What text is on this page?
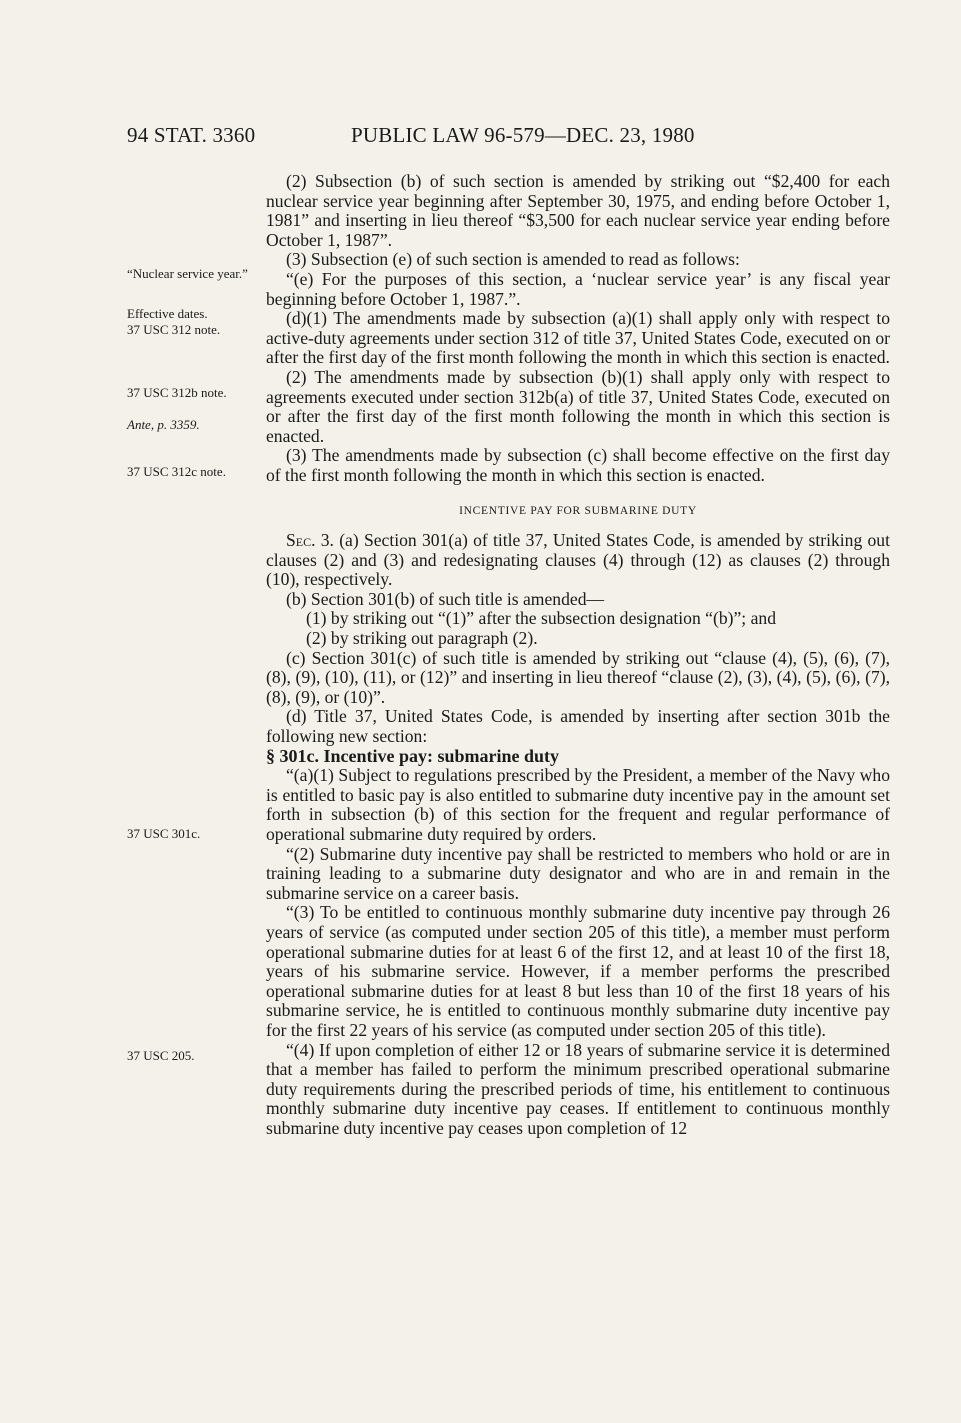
94 STAT. 3360	PUBLIC LAW 96-579—DEC. 23, 1980
“Nuclear service year.”
Effective dates.
37 USC 312 note.
37 USC 312b note.
Ante, p. 3359.
37 USC 312c note.
37 USC 301c.
37 USC 205.

(2) Subsection (b) of such section is amended by striking out “$2,400 for each nuclear service year beginning after September 30, 1975, and ending before October 1, 1981” and inserting in lieu thereof “$3,500 for each nuclear service year ending before October 1, 1987”.

(3) Subsection (e) of such section is amended to read as follows:

“(e) For the purposes of this section, a ‘nuclear service year’ is any fiscal year beginning before October 1, 1987.”.

(d)(1) The amendments made by subsection (a)(1) shall apply only with respect to active-duty agreements under section 312 of title 37, United States Code, executed on or after the first day of the first month following the month in which this section is enacted.

(2) The amendments made by subsection (b)(1) shall apply only with respect to agreements executed under section 312b(a) of title 37, United States Code, executed on or after the first day of the first month following the month in which this section is enacted.

(3) The amendments made by subsection (c) shall become effective on the first day of the first month following the month in which this section is enacted.

INCENTIVE PAY FOR SUBMARINE DUTY

Sec. 3. (a) Section 301(a) of title 37, United States Code, is amended by striking out clauses (2) and (3) and redesignating clauses (4) through (12) as clauses (2) through (10), respectively.

(b) Section 301(b) of such title is amended—

(1) by striking out “(1)” after the subsection designation “(b)”; and

(2) by striking out paragraph (2).

(c) Section 301(c) of such title is amended by striking out “clause (4), (5), (6), (7), (8), (9), (10), (11), or (12)” and inserting in lieu thereof “clause (2), (3), (4), (5), (6), (7), (8), (9), or (10)”.

(d) Title 37, United States Code, is amended by inserting after section 301b the following new section:

§ 301c. Incentive pay: submarine duty

“(a)(1) Subject to regulations prescribed by the President, a member of the Navy who is entitled to basic pay is also entitled to submarine duty incentive pay in the amount set forth in subsection (b) of this section for the frequent and regular performance of operational submarine duty required by orders.

“(2) Submarine duty incentive pay shall be restricted to members who hold or are in training leading to a submarine duty designator and who are in and remain in the submarine service on a career basis.

“(3) To be entitled to continuous monthly submarine duty incentive pay through 26 years of service (as computed under section 205 of this title), a member must perform operational submarine duties for at least 6 of the first 12, and at least 10 of the first 18, years of his submarine service. However, if a member performs the prescribed operational submarine duties for at least 8 but less than 10 of the first 18 years of his submarine service, he is entitled to continuous monthly submarine duty incentive pay for the first 22 years of his service (as computed under section 205 of this title).

“(4) If upon completion of either 12 or 18 years of submarine service it is determined that a member has failed to perform the minimum prescribed operational submarine duty requirements during the prescribed periods of time, his entitlement to continuous monthly submarine duty incentive pay ceases. If entitlement to continuous monthly submarine duty incentive pay ceases upon completion of 12
